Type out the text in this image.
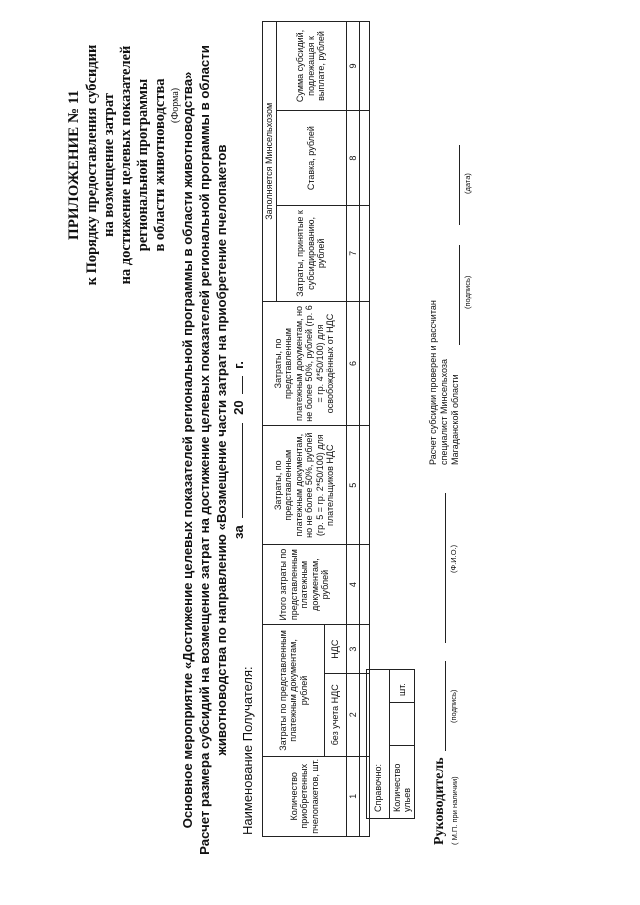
ПРИЛОЖЕНИЕ № 11 к Порядку предоставления субсидии на возмещение затрат на достижение целевых показателей региональной программы в области животноводства (Форма) Основное мероприятие «Достижение целевых показателей региональной программы в области животноводства» Расчет размера субсидий на возмещение затрат на достижение целевых показателей региональной программы в области животноводства по направлению «Возмещение части затрат на приобретение пчелопакетов за  20  г.
Наименование Получателя:	Количество приобретенных пчелопакетов, шт.	Затраты по представленным платежным документам, рублей		Итого затраты по представленным платежным документам, рублей	Затраты, по представленным платежным документам, но не более 50%, рублей (гр. 5 = гр. 2*50/100) для плательщиков НДС	Затраты, по представленным платежным документам, но не более 50%, рублей (гр. 6 = гр. 4*50/100) для освобождённых от НДС	Заполняется Минсельхозом		
						Затраты, принятые к субсидированию, рублей	Ставка, рублей	Сумма субсидий, подлежащая к выплате, рублей
	без учета НДС	НДС						
1	2	3	4	5	6	7	8	9

Справочно:		
Количество ульев		шт.
Руководитель ( М.П. при наличии)
(подпись)
(Ф.И.О.)
Расчет субсидии проверен и рассчитан специалист Минсельхоза Магаданской области
(подпись)
(дата)
